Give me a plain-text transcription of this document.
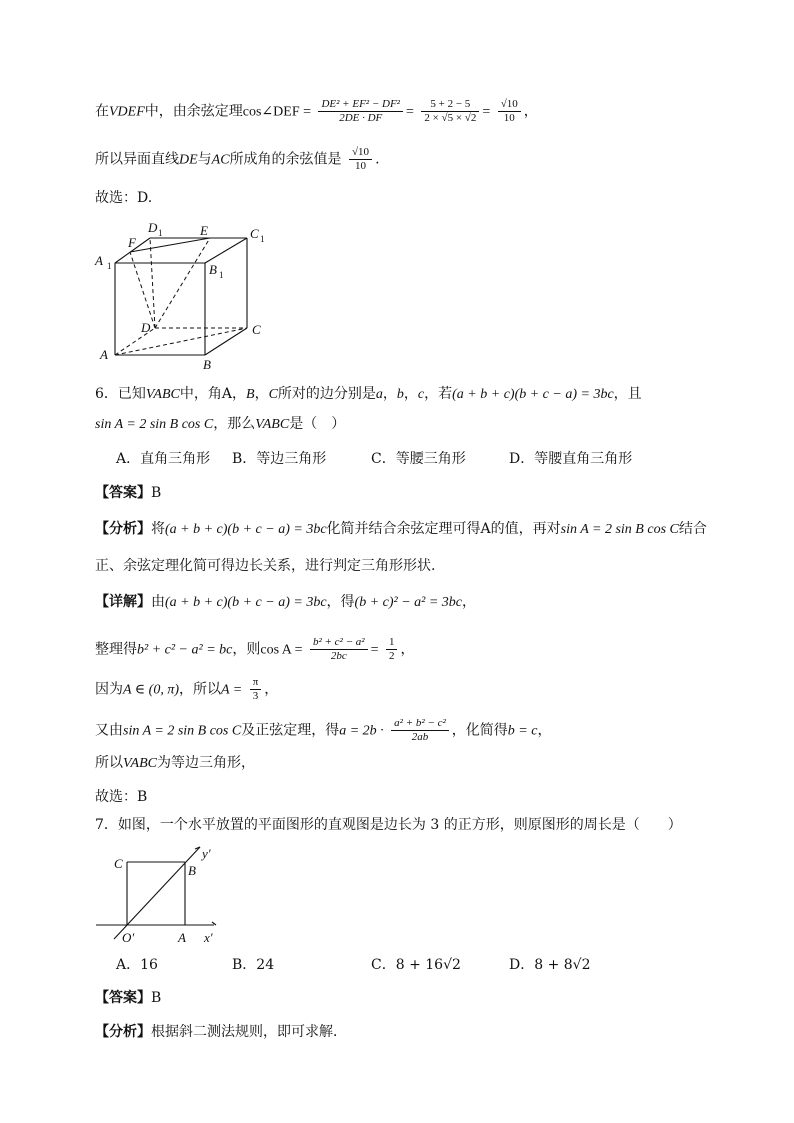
在VDEF中，由余弦定理cos∠DEF = $\frac{\text{DE² + EF² − DF²}}{2DE \cdot DF} = \frac{5 + 2 - 5}{2 \times √5 \times √2} = \frac{√10}{10}$ ，
所以异面直线DE与AC所成角的余弦值是 $\frac{√10}{10}$ .
故选：D.
A
B
C
D
A 1	B 1
C 1
D 1	E
F
6．已知VABC中，角A，B，C所对的边分别是a，b，c，若(a + b + c)(b + c − a) = 3bc，且
sin A = 2 sin B cos C，那么VABC是（　）
A．直角三角形 B．等边三角形	C．等腰三角形	D．等腰直角三角形
【答案】B
【分析】将(a + b + c)(b + c − a) = 3bc化简并结合余弦定理可得A的值，再对sin A = 2 sin B cos C结合
正、余弦定理化简可得边长关系，进行判定三角形形状.
【详解】由(a + b + c)(b + c − a) = 3bc，得(b + c)² − a² = 3bc，
整理得b² + c² − a² = bc，则$\cos A = \frac{\text{b² + c² − a²}}{2bc} = \frac{1}{2}$ ，
因为A ∈ (0, π)，所以$A = \frac{\pi}{3}$ ，
又由sin A = 2 sin B cos C及正弦定理，得$a = 2b \cdot \frac{\text{a² + b² − c²}}{2ab}$ ，化简得b = c，
所以VABC为等边三角形，
故选：B
7．如图，一个水平放置的平面图形的直观图是边长为 3 的正方形，则原图形的周长是（　　）
C	B
O′	A x′
y′
A．16	B．24	C．8 + 16√2	D．8 + 8√2
【答案】B
【分析】根据斜二测法规则，即可求解．
